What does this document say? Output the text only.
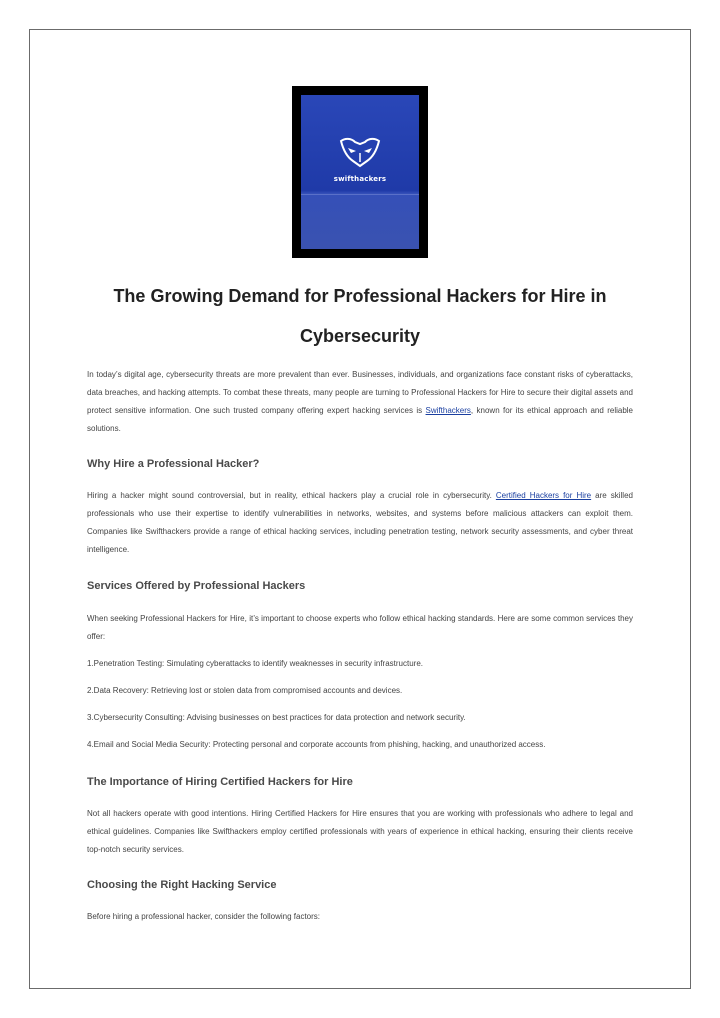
swifthackers
The Growing Demand for Professional Hackers for Hire in
Cybersecurity

In today’s digital age, cybersecurity threats are more prevalent than ever. Businesses, individuals, and organizations face constant risks of cyberattacks, data breaches, and hacking attempts. To combat these threats, many people are turning to Professional Hackers for Hire to secure their digital assets and protect sensitive information. One such trusted company offering expert hacking services is Swifthackers, known for its ethical approach and reliable solutions.

Why Hire a Professional Hacker?

Hiring a hacker might sound controversial, but in reality, ethical hackers play a crucial role in cybersecurity. Certified Hackers for Hire are skilled professionals who use their expertise to identify vulnerabilities in networks, websites, and systems before malicious attackers can exploit them. Companies like Swifthackers provide a range of ethical hacking services, including penetration testing, network security assessments, and cyber threat intelligence.

Services Offered by Professional Hackers

When seeking Professional Hackers for Hire, it’s important to choose experts who follow ethical hacking standards. Here are some common services they offer:

1.Penetration Testing: Simulating cyberattacks to identify weaknesses in security infrastructure.

2.Data Recovery: Retrieving lost or stolen data from compromised accounts and devices.

3.Cybersecurity Consulting: Advising businesses on best practices for data protection and network security.

4.Email and Social Media Security: Protecting personal and corporate accounts from phishing, hacking, and unauthorized access.

The Importance of Hiring Certified Hackers for Hire

Not all hackers operate with good intentions. Hiring Certified Hackers for Hire ensures that you are working with professionals who adhere to legal and ethical guidelines. Companies like Swifthackers employ certified professionals with years of experience in ethical hacking, ensuring their clients receive top-notch security services.

Choosing the Right Hacking Service

Before hiring a professional hacker, consider the following factors:
